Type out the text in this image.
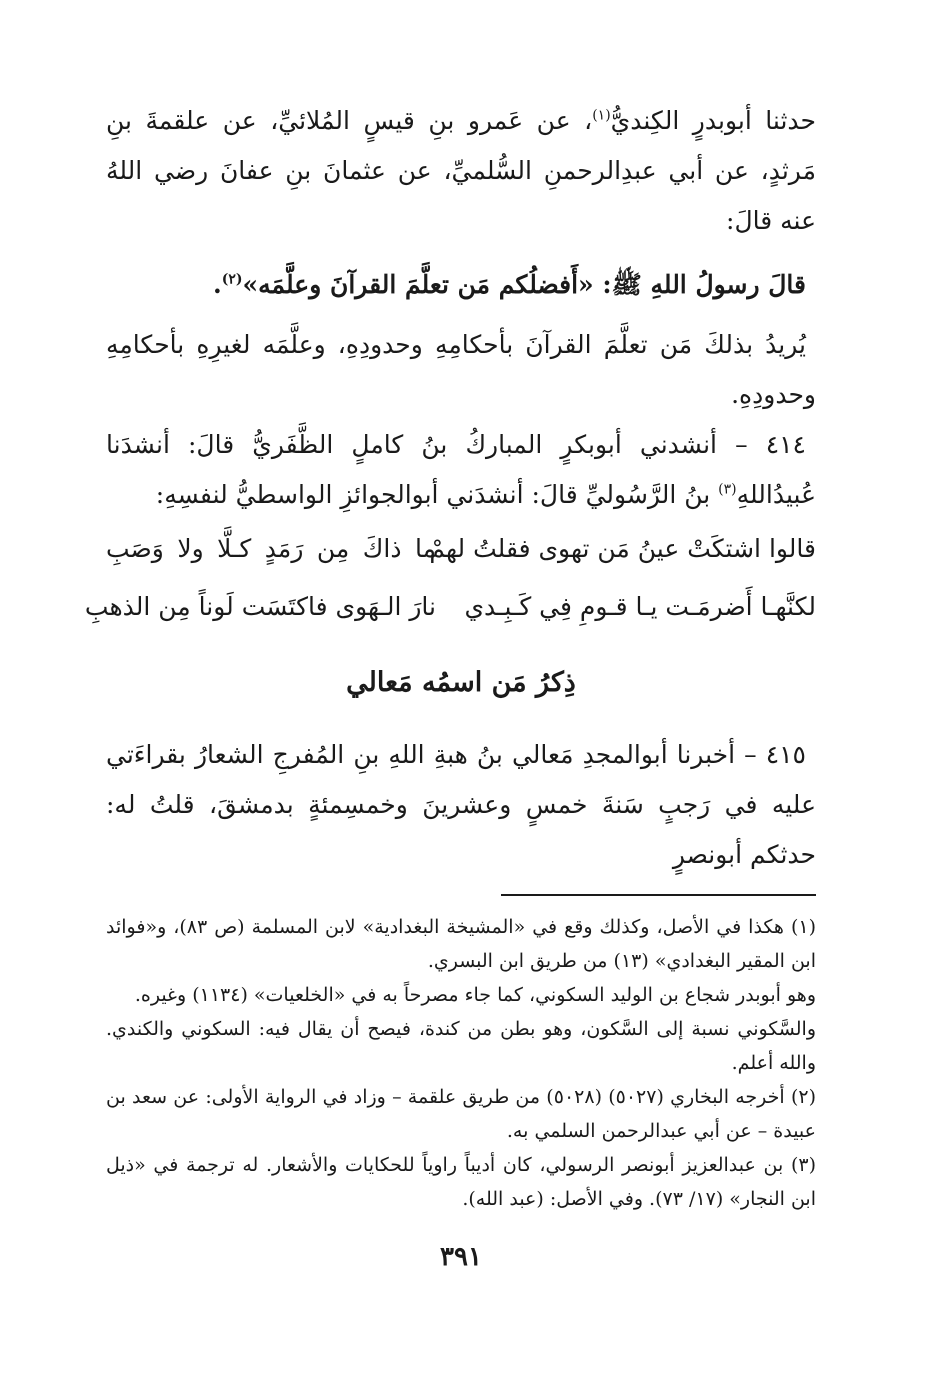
حدثنا أبوبدرٍ الكِنديُّ$^{(١)}$، عن عَمرو بنِ قيسٍ المُلائيِّ، عن علقمةَ بنِ مَرثدٍ، عن أبي عبدِالرحمنِ السُّلميِّ، عن عثمانَ بنِ عفانَ رضي اللهُ عنه قالَ:

قالَ رسولُ اللهِ ﷺ: «أَفضلُكم مَن تعلَّمَ القرآنَ وعلَّمَه»$^{(٢)}$.

يُريدُ بذلكَ مَن تعلَّمَ القرآنَ بأحكامِهِ وحدودِهِ، وعلَّمَه لغيرِهِ بأحكامِهِ وحدودِهِ.

٤١٤ – أنشدني أبوبكرٍ المباركُ بنُ كاملٍ الظَّفَريُّ قالَ: أنشدَنا عُبيدُاللهِ$^{(٣)}$ بنُ الرَّسُوليِّ قالَ: أنشدَني أبوالجوائزِ الواسطيُّ لنفسِهِ:

قالوا اشتكَتْ عينُ مَن تهوى فقلتُ لهمْ
ما ذاكَ مِن رَمَدٍ كـلَّا ولا وَصَبِ
لكنَّهـا أَضرمَـت يـا قـومِ فِي كَـبِـدي
نارَ الـهَوى فاكتَسَت لَوناً مِن الذهبِ
ذِكرُ مَن اسمُه مَعالي

٤١٥ – أخبرنا أبوالمجدِ مَعالي بنُ هبةِ اللهِ بنِ المُفرجِ الشعارُ بقراءَتي عليه في رَجبٍ سَنةَ خمسٍ وعشرينَ وخمسِمئةٍ بدمشقَ، قلتُ له: حدثكم أبونصرٍ

(١) هكذا في الأصل، وكذلك وقع في «المشيخة البغدادية» لابن المسلمة (ص ٨٣)، و«فوائد ابن المقير البغدادي» (١٣) من طريق ابن البسري.

وهو أبوبدر شجاع بن الوليد السكوني، كما جاء مصرحاً به في «الخلعيات» (١١٣٤) وغيره.

والسَّكوني نسبة إلى السَّكون، وهو بطن من كندة، فيصح أن يقال فيه: السكوني والكندي. والله أعلم.

(٢) أخرجه البخاري (٥٠٢٧) (٥٠٢٨) من طريق علقمة – وزاد في الرواية الأولى: عن سعد بن عبيدة – عن أبي عبدالرحمن السلمي به.

(٣) بن عبدالعزيز أبونصر الرسولي، كان أديباً راوياً للحكايات والأشعار. له ترجمة في «ذيل ابن النجار» (١٧/ ٧٣). وفي الأصل: (عبد الله).

٣٩١
